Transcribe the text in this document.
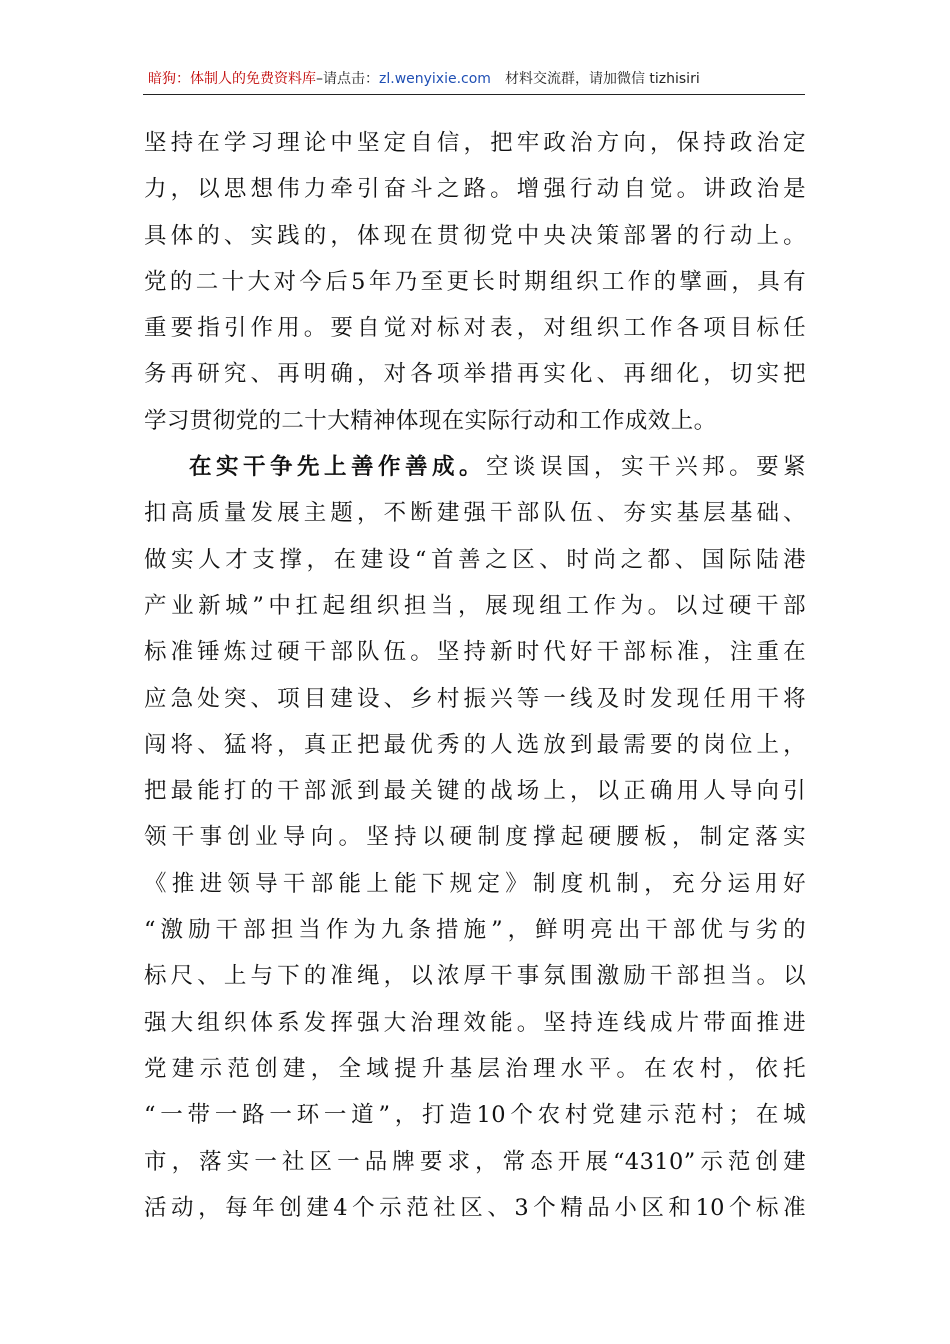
暗狗：体制人的免费资料库–请点击：zl.wenyixie.com 材料交流群，请加微信 tizhisiri
坚持在学习理论中坚定自信，把牢政治方向，保持政治定
力，以思想伟力牵引奋斗之路。增强行动自觉。讲政治是
具体的、实践的，体现在贯彻党中央决策部署的行动上。
党的二十大对今后5年乃至更长时期组织工作的擘画，具有
重要指引作用。要自觉对标对表，对组织工作各项目标任
务再研究、再明确，对各项举措再实化、再细化，切实把
学习贯彻党的二十大精神体现在实际行动和工作成效上。
在实干争先上善作善成。空谈误国，实干兴邦。要紧
扣高质量发展主题，不断建强干部队伍、夯实基层基础、
做实人才支撑，在建设“首善之区、时尚之都、国际陆港
产业新城”中扛起组织担当，展现组工作为。以过硬干部
标准锤炼过硬干部队伍。坚持新时代好干部标准，注重在
应急处突、项目建设、乡村振兴等一线及时发现任用干将
闯将、猛将，真正把最优秀的人选放到最需要的岗位上，
把最能打的干部派到最关键的战场上，以正确用人导向引
领干事创业导向。坚持以硬制度撑起硬腰板，制定落实
《推进领导干部能上能下规定》制度机制，充分运用好
“激励干部担当作为九条措施”，鲜明亮出干部优与劣的
标尺、上与下的准绳，以浓厚干事氛围激励干部担当。以
强大组织体系发挥强大治理效能。坚持连线成片带面推进
党建示范创建，全域提升基层治理水平。在农村，依托
“一带一路一环一道”，打造10个农村党建示范村；在城
市，落实一社区一品牌要求，常态开展“4310”示范创建
活动，每年创建4个示范社区、3个精品小区和10个标准
